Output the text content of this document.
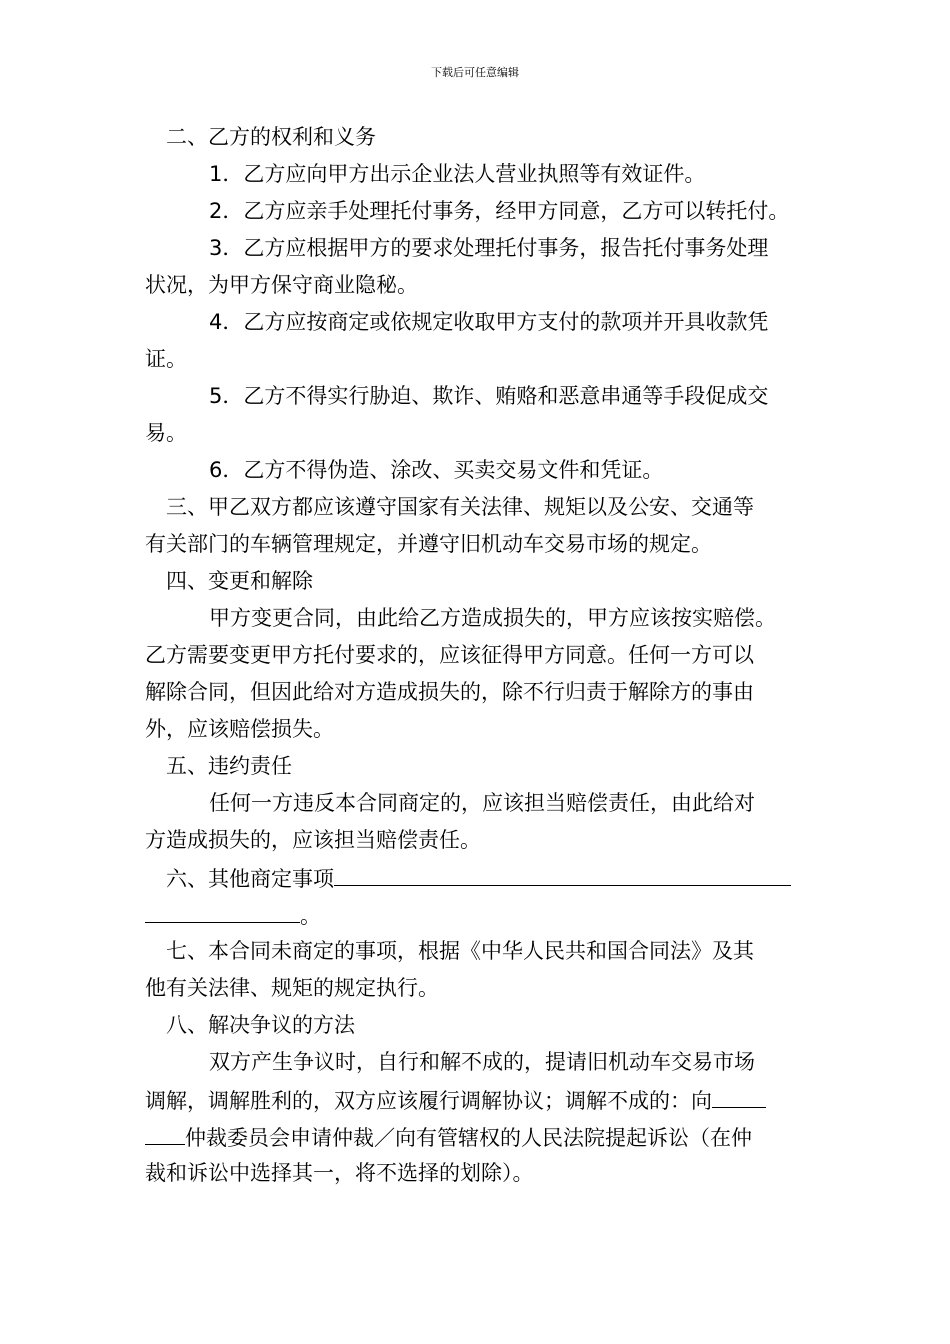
下载后可任意编辑
二、乙方的权利和义务
1．乙方应向甲方出示企业法人营业执照等有效证件。
2．乙方应亲手处理托付事务，经甲方同意，乙方可以转托付。
3．乙方应根据甲方的要求处理托付事务，报告托付事务处理
状况，为甲方保守商业隐秘。
4．乙方应按商定或依规定收取甲方支付的款项并开具收款凭
证。
5．乙方不得实行胁迫、欺诈、贿赂和恶意串通等手段促成交
易。
6．乙方不得伪造、涂改、买卖交易文件和凭证。
三、甲乙双方都应该遵守国家有关法律、规矩以及公安、交通等
有关部门的车辆管理规定，并遵守旧机动车交易市场的规定。
四、变更和解除
甲方变更合同，由此给乙方造成损失的，甲方应该按实赔偿。
乙方需要变更甲方托付要求的，应该征得甲方同意。任何一方可以
解除合同，但因此给对方造成损失的，除不行归责于解除方的事由
外，应该赔偿损失。
五、违约责任
任何一方违反本合同商定的，应该担当赔偿责任，由此给对
方造成损失的，应该担当赔偿责任。
六、其他商定事项
。
七、本合同未商定的事项，根据《中华人民共和国合同法》及其
他有关法律、规矩的规定执行。
八、解决争议的方法
双方产生争议时，自行和解不成的，提请旧机动车交易市场
调解，调解胜利的，双方应该履行调解协议；调解不成的：向
仲裁委员会申请仲裁／向有管辖权的人民法院提起诉讼（在仲
裁和诉讼中选择其一，将不选择的划除）。
